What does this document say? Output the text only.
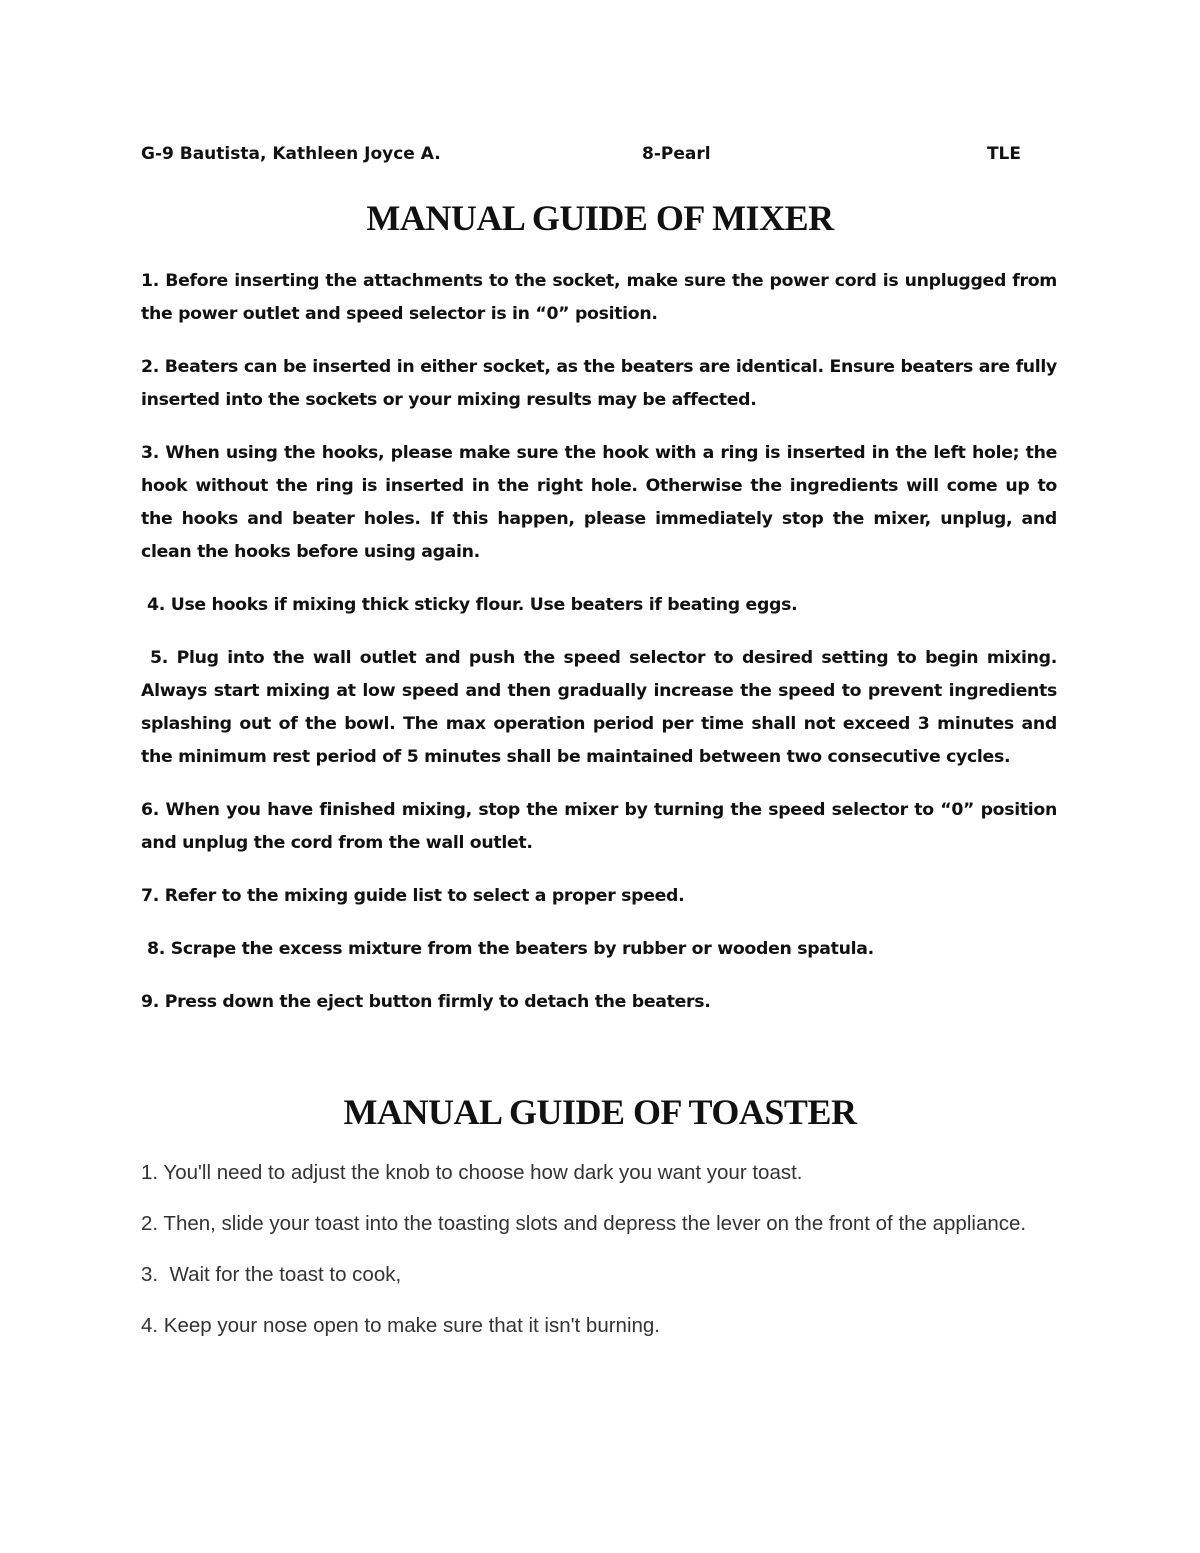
G-9 Bautista, Kathleen Joyce A.	8-Pearl	TLE
MANUAL GUIDE OF MIXER

1. Before inserting the attachments to the socket, make sure the power cord is unplugged from the power outlet and speed selector is in “0” position.

2. Beaters can be inserted in either socket, as the beaters are identical. Ensure beaters are fully inserted into the sockets or your mixing results may be affected.

3. When using the hooks, please make sure the hook with a ring is inserted in the left hole; the hook without the ring is inserted in the right hole. Otherwise the ingredients will come up to the hooks and beater holes. If this happen, please immediately stop the mixer, unplug, and clean the hooks before using again.

4. Use hooks if mixing thick sticky flour. Use beaters if beating eggs.

5. Plug into the wall outlet and push the speed selector to desired setting to begin mixing. Always start mixing at low speed and then gradually increase the speed to prevent ingredients splashing out of the bowl. The max operation period per time shall not exceed 3 minutes and the minimum rest period of 5 minutes shall be maintained between two consecutive cycles.

6. When you have finished mixing, stop the mixer by turning the speed selector to “0” position and unplug the cord from the wall outlet.

7. Refer to the mixing guide list to select a proper speed.

8. Scrape the excess mixture from the beaters by rubber or wooden spatula.

9. Press down the eject button firmly to detach the beaters.

MANUAL GUIDE OF TOASTER

1. You'll need to adjust the knob to choose how dark you want your toast.

2. Then, slide your toast into the toasting slots and depress the lever on the front of the appliance.

3.  Wait for the toast to cook,

4. Keep your nose open to make sure that it isn't burning.
